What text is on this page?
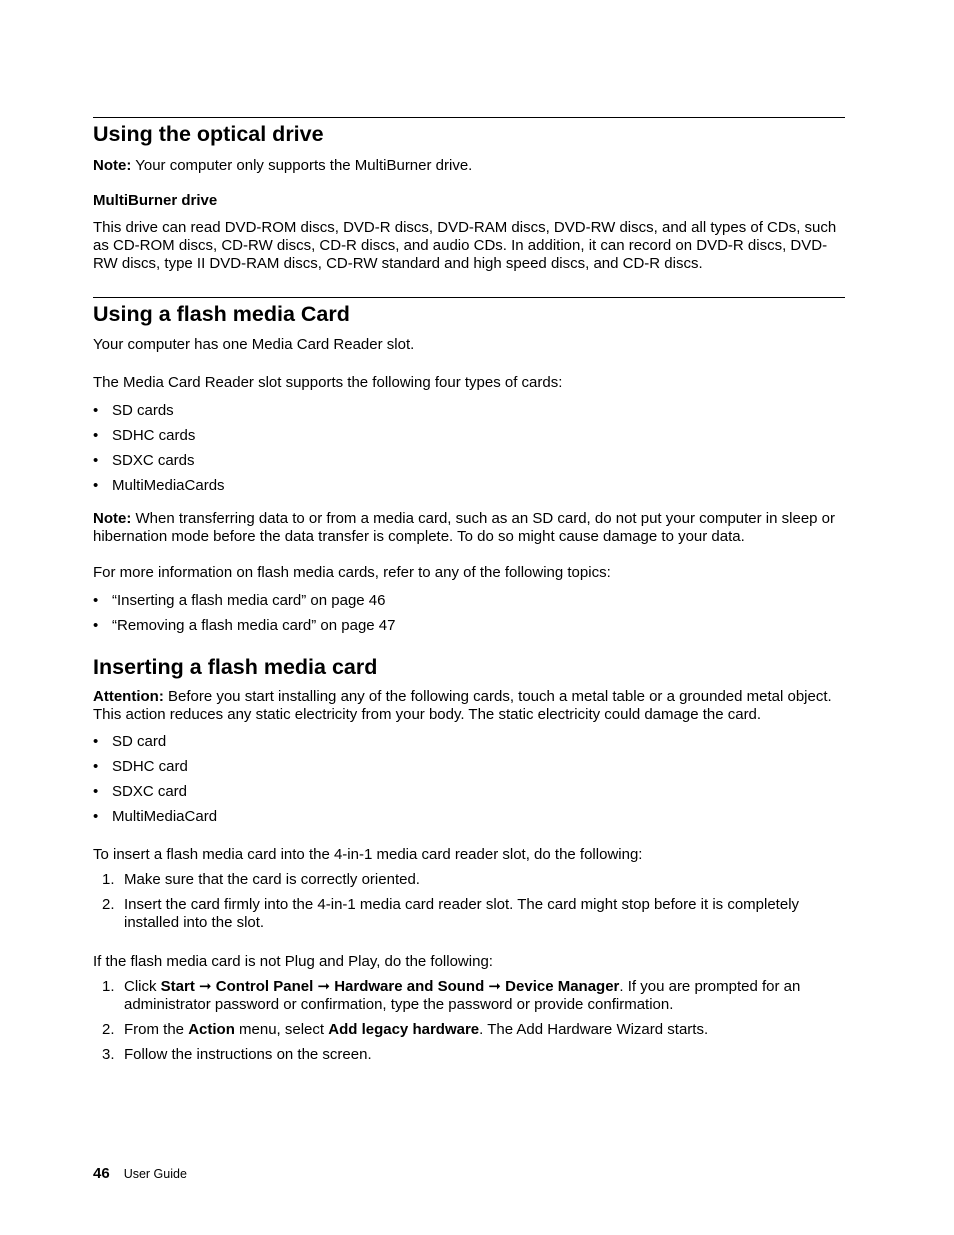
Using the optical drive

Note: Your computer only supports the MultiBurner drive.

MultiBurner drive

This drive can read DVD-ROM discs, DVD-R discs, DVD-RAM discs, DVD-RW discs, and all types of CDs, such as CD-ROM discs, CD-RW discs, CD-R discs, and audio CDs. In addition, it can record on DVD-R discs, DVD-RW discs, type II DVD-RAM discs, CD-RW standard and high speed discs, and CD-R discs.

Using a flash media Card

Your computer has one Media Card Reader slot.

The Media Card Reader slot supports the following four types of cards:

• SD cards
• SDHC cards
• SDXC cards
• MultiMediaCards

Note: When transferring data to or from a media card, such as an SD card, do not put your computer in sleep or hibernation mode before the data transfer is complete. To do so might cause damage to your data.

For more information on flash media cards, refer to any of the following topics:

• “Inserting a flash media card” on page 46
• “Removing a flash media card” on page 47
Inserting a flash media card

Attention: Before you start installing any of the following cards, touch a metal table or a grounded metal object. This action reduces any static electricity from your body. The static electricity could damage the card.

• SD card
• SDHC card
• SDXC card
• MultiMediaCard

To insert a flash media card into the 4-in-1 media card reader slot, do the following:

1. Make sure that the card is correctly oriented.
2. Insert the card firmly into the 4-in-1 media card reader slot. The card might stop before it is completely installed into the slot.

If the flash media card is not Plug and Play, do the following:

1. Click Start ➞ Control Panel ➞ Hardware and Sound ➞ Device Manager. If you are prompted for an administrator password or confirmation, type the password or provide confirmation.
2. From the Action menu, select Add legacy hardware. The Add Hardware Wizard starts.
3. Follow the instructions on the screen.
46 User Guide
